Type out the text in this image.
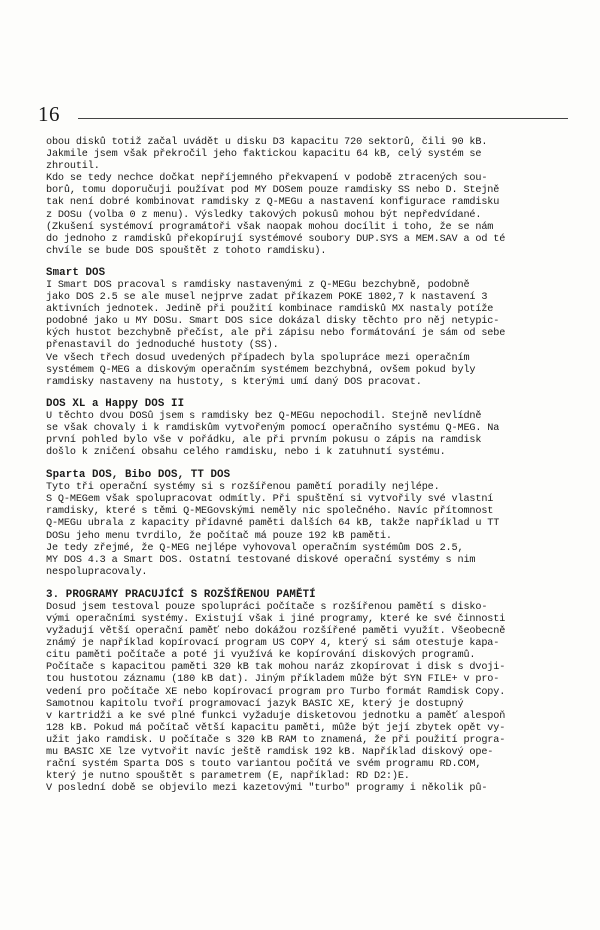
16
obou disků totiž začal uvádět u disku D3 kapacitu 720 sektorů, čili 90 kB.
Jakmile jsem však překročil jeho faktickou kapacitu 64 kB, celý systém se
zhroutil.
Kdo se tedy nechce dočkat nepříjemného překvapení v podobě ztracených sou-
borů, tomu doporučuji používat pod MY DOSem pouze ramdisky SS nebo D. Stejně
tak není dobré kombinovat ramdisky z Q-MEGu a nastavení konfigurace ramdisku
z DOSu (volba 0 z menu). Výsledky takových pokusů mohou být nepředvídané.
(Zkušení systémoví programátoři však naopak mohou docílit i toho, že se nám
do jednoho z ramdisků překopírují systémové soubory DUP.SYS a MEM.SAV a od té
chvíle se bude DOS spouštět z tohoto ramdisku).
Smart DOS
I Smart DOS pracoval s ramdisky nastavenými z Q-MEGu bezchybně, podobně
jako DOS 2.5 se ale musel nejprve zadat příkazem POKE 1802,7 k nastavení 3
aktivních jednotek. Jedině při použití kombinace ramdisků MX nastaly potíže
podobné jako u MY DOSu. Smart DOS sice dokázal disky těchto pro něj netypic-
kých hustot bezchybně přečíst, ale při zápisu nebo formátování je sám od sebe
přenastavil do jednoduché hustoty (SS).
Ve všech třech dosud uvedených případech byla spolupráce mezi operačním
systémem Q-MEG a diskovým operačním systémem bezchybná, ovšem pokud byly
ramdisky nastaveny na hustoty, s kterými umí daný DOS pracovat.
DOS XL a Happy DOS II
U těchto dvou DOSů jsem s ramdisky bez Q-MEGu nepochodil. Stejně nevlídně
se však chovaly i k ramdiskům vytvořeným pomocí operačního systému Q-MEG. Na
první pohled bylo vše v pořádku, ale při prvním pokusu o zápis na ramdisk
došlo k zničení obsahu celého ramdisku, nebo i k zatuhnutí systému.
Sparta DOS, Bibo DOS, TT DOS
Tyto tři operační systémy si s rozšířenou pamětí poradily nejlépe.
S Q-MEGem však spolupracovat odmítly. Při spuštění si vytvořily své vlastní
ramdisky, které s těmi Q-MEGovskými neměly nic společného. Navíc přítomnost
Q-MEGu ubrala z kapacity přídavné paměti dalších 64 kB, takže například u TT
DOSu jeho menu tvrdilo, že počítač má pouze 192 kB paměti.
Je tedy zřejmé, že Q-MEG nejlépe vyhovoval operačním systémům DOS 2.5,
MY DOS 4.3 a Smart DOS. Ostatní testované diskové operační systémy s nim
nespolupracovaly.
3. PROGRAMY PRACUJÍCÍ S ROZŠÍŘENOU PAMĚTÍ
Dosud jsem testoval pouze spolupráci počítače s rozšířenou pamětí s disko-
vými operačními systémy. Existují však i jiné programy, které ke své činnosti
vyžadují větší operační paměť nebo dokážou rozšířené paměti využít. Všeobecně
známý je například kopírovací program US COPY 4, který si sám otestuje kapa-
citu paměti počítače a poté ji využívá ke kopírování diskových programů.
Počítače s kapacitou paměti 320 kB tak mohou naráz zkopírovat i disk s dvoji-
tou hustotou záznamu (180 kB dat). Jiným příkladem může být SYN FILE+ v pro-
vedení pro počítače XE nebo kopírovací program pro Turbo formát Ramdisk Copy.
Samotnou kapitolu tvoří programovací jazyk BASIC XE, který je dostupný
v kartridži a ke své plné funkci vyžaduje disketovou jednotku a paměť alespoň
128 kB. Pokud má počítač větší kapacitu paměti, může být její zbytek opět vy-
užit jako ramdisk. U počítače s 320 kB RAM to znamená, že při použití progra-
mu BASIC XE lze vytvořit navíc ještě ramdisk 192 kB. Například diskový ope-
rační systém Sparta DOS s touto variantou počítá ve svém programu RD.COM,
který je nutno spouštět s parametrem (E, například: RD D2:)E.
V poslední době se objevilo mezi kazetovými "turbo" programy i několik pů-
